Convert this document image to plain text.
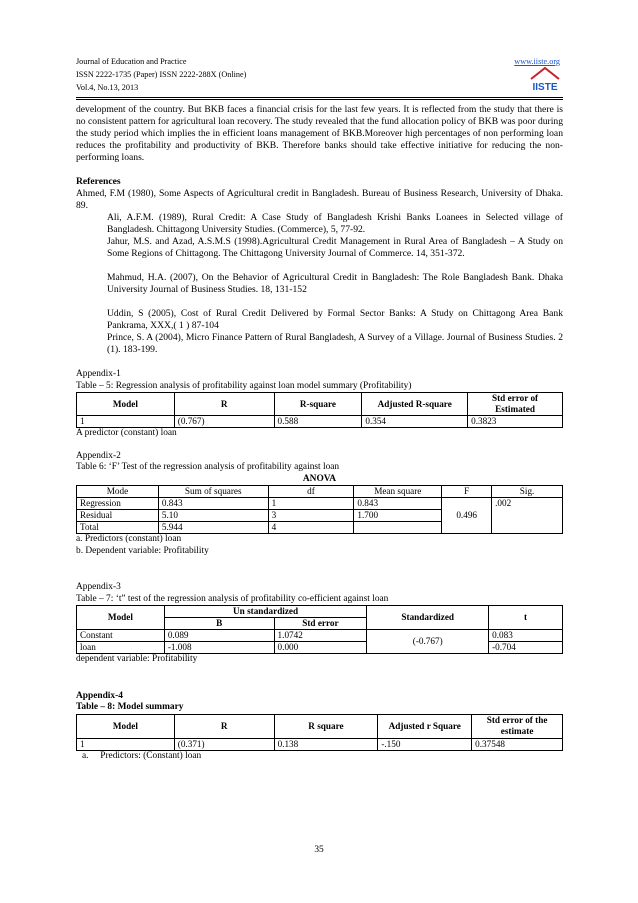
Journal of Education and Practice
ISSN 2222-1735 (Paper) ISSN 2222-288X (Online)
Vol.4, No.13, 2013
www.iiste.org
IISTE

development of the country. But BKB faces a financial crisis for the last few years. It is reflected from the study that there is no consistent pattern for agricultural loan recovery. The study revealed that the fund allocation policy of BKB was poor during the study period which implies the in efficient loans management of BKB.Moreover high percentages of non performing loan reduces the profitability and productivity of BKB. Therefore banks should take effective initiative for reducing the non-performing loans.

References

Ahmed, F.M (1980), Some Aspects of Agricultural credit in Bangladesh. Bureau of Business Research, University of Dhaka. 89.

Ali, A.F.M. (1989), Rural Credit: A Case Study of Bangladesh Krishi Banks Loanees in Selected village of Bangladesh. Chittagong University Studies. (Commerce), 5, 77-92.

Jahur, M.S. and Azad, A.S.M.S (1998).Agricultural Credit Management in Rural Area of Bangladesh – A Study on Some Regions of Chittagong. The Chittagong University Journal of Commerce. 14, 351-372.

Mahmud, H.A. (2007), On the Behavior of Agricultural Credit in Bangladesh: The Role Bangladesh Bank. Dhaka University Journal of Business Studies. 18, 131-152

Uddin, S (2005), Cost of Rural Credit Delivered by Formal Sector Banks: A Study on Chittagong Area Bank Pankrama, XXX,( 1 ) 87-104

Prince, S. A (2004), Micro Finance Pattern of Rural Bangladesh, A Survey of a Village. Journal of Business Studies. 2 (1). 183-199.

Appendix-1

Table – 5: Regression analysis of profitability against loan model summary (Profitability)

Model	R	R-square	Adjusted R-square	Std error of Estimated
1	(0.767)	0.588	0.354	0.3823

A predictor (constant) loan

Appendix-2

Table 6: ‘F’ Test of the regression analysis of profitability against loan

ANOVA

Mode	Sum of squares	df	Mean square	F	Sig.
Regression	0.843	1	0.843	0.496	.002
Residual	5.10	3	1.700		
Total	5.944	4			

a. Predictors (constant) loan

b. Dependent variable: Profitability

Appendix-3

Table – 7: ‘t” test of the regression analysis of profitability co-efficient against loan

Model	Un standardized		Standardized	t
	B	Std error		
Constant	0.089	1.0742	(-0.767)	0.083
loan	-1.008	0.000		-0.704

dependent variable: Profitability

Appendix-4

Table – 8: Model summary

Model	R	R square	Adjusted r Square	Std error of the estimate
1	(0.371)	0.138	-.150	0.37548

a.     Predictors: (Constant) loan

35
